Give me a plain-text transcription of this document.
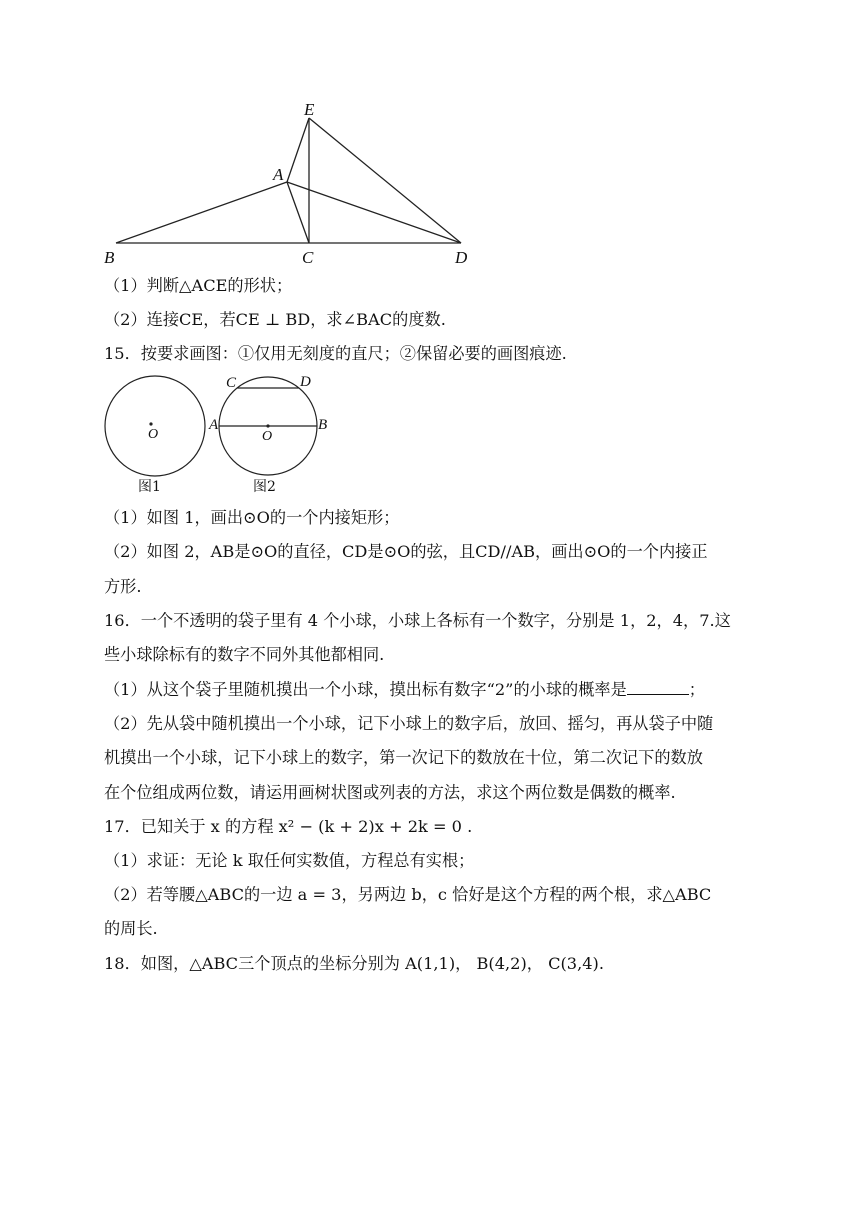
E
A
B	C	D
（1）判断△ACE的形状；
（2）连接CE，若CE ⊥ BD，求∠BAC的度数.
15．按要求画图：①仅用无刻度的直尺；②保留必要的画图痕迹.
O
图1
C	D
A	B
O
图2
（1）如图 1，画出⊙O的一个内接矩形；
（2）如图 2，AB是⊙O的直径，CD是⊙O的弦，且CD//AB，画出⊙O的一个内接正
方形.
16．一个不透明的袋子里有 4 个小球，小球上各标有一个数字，分别是 1，2，4，7.这
些小球除标有的数字不同外其他都相同.
（1）从这个袋子里随机摸出一个小球，摸出标有数字“2”的小球的概率是	；
（2）先从袋中随机摸出一个小球，记下小球上的数字后，放回、摇匀，再从袋子中随
机摸出一个小球，记下小球上的数字，第一次记下的数放在十位，第二次记下的数放
在个位组成两位数，请运用画树状图或列表的方法，求这个两位数是偶数的概率.
17．已知关于 x 的方程 x² − (k + 2)x + 2k = 0 .
（1）求证：无论 k 取任何实数值，方程总有实根；
（2）若等腰△ABC的一边 a = 3，另两边 b，c 恰好是这个方程的两个根，求△ABC
的周长.
18．如图，△ABC三个顶点的坐标分别为 A(1,1)， B(4,2)， C(3,4).
